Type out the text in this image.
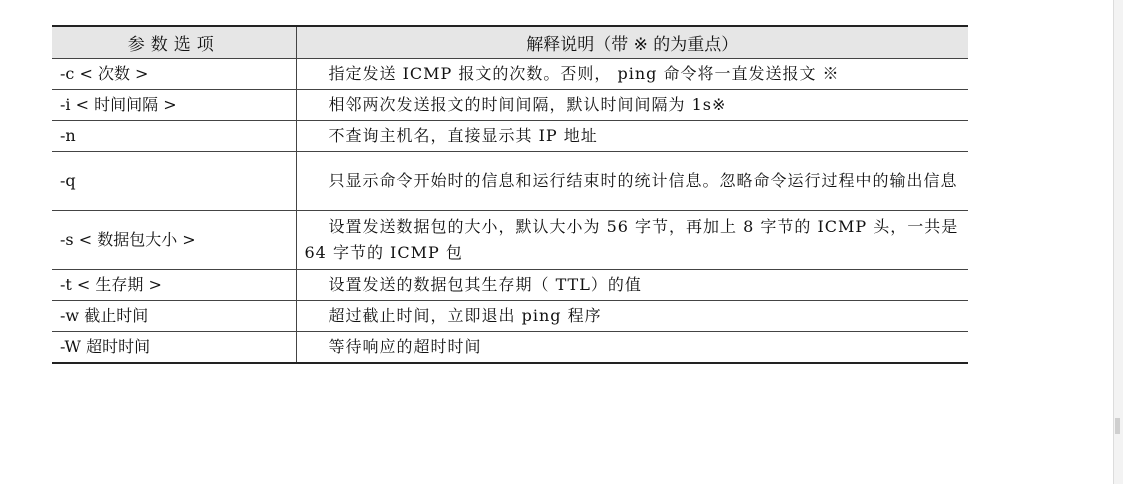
参数选项	解释说明（带 ※ 的为重点）
-c < 次数 >	指定发送 ICMP 报文的次数。否则， ping 命令将一直发送报文 ※
-i < 时间间隔 >	相邻两次发送报文的时间间隔，默认时间间隔为 1s※
-n	不查询主机名，直接显示其 IP 地址
-q	只显示命令开始时的信息和运行结束时的统计信息。忽略命令运行过程中的输出信息
-s < 数据包大小 >	设置发送数据包的大小，默认大小为 56 字节，再加上 8 字节的 ICMP 头，一共是 64 字节的 ICMP 包
-t < 生存期 >	设置发送的数据包其生存期（ TTL）的值
-w 截止时间	超过截止时间，立即退出 ping 程序
-W 超时时间	等待响应的超时时间
